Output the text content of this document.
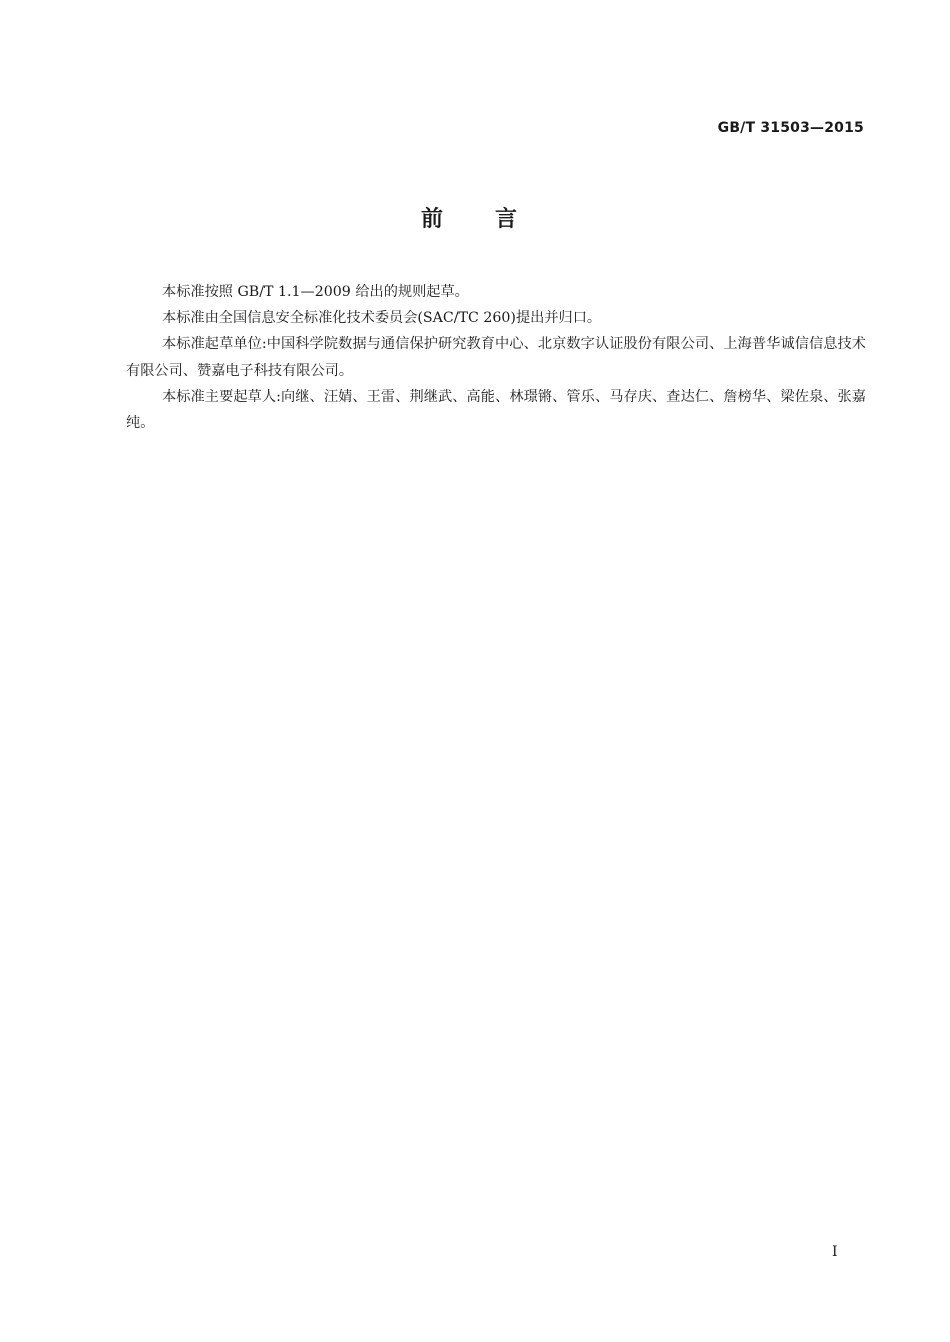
GB/T 31503—2015
前言

本标准按照 GB/T 1.1—2009 给出的规则起草。

本标准由全国信息安全标准化技术委员会(SAC/TC 260)提出并归口。

本标准起草单位:中国科学院数据与通信保护研究教育中心、北京数字认证股份有限公司、上海普华诚信信息技术有限公司、赞嘉电子科技有限公司。

本标准主要起草人:向继、汪婧、王雷、荆继武、高能、林璟锵、管乐、马存庆、查达仁、詹榜华、梁佐泉、张嘉纯。

I
